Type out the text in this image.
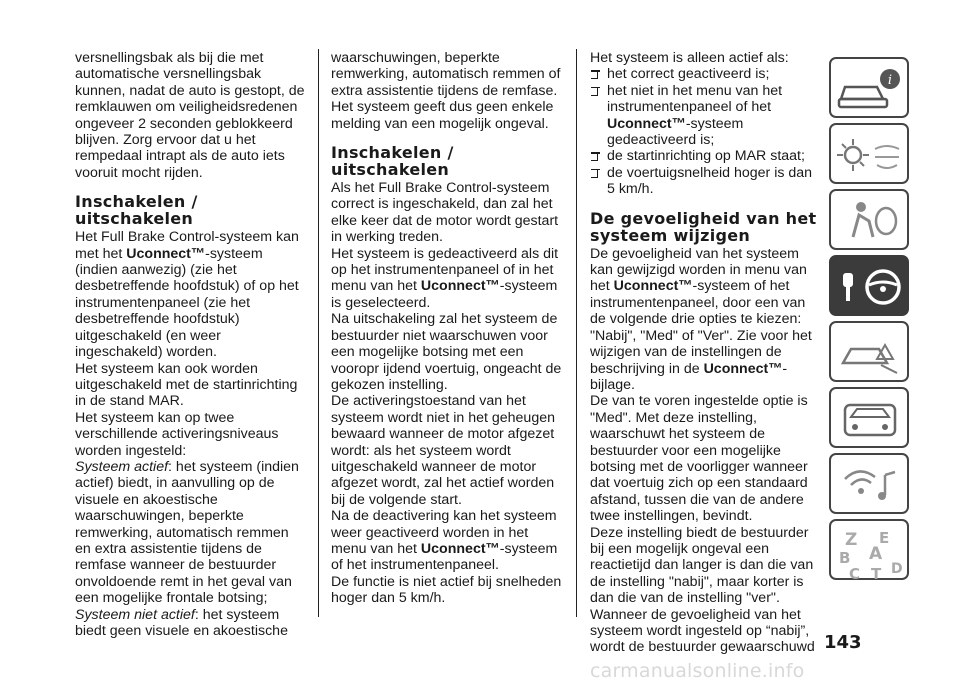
versnellingsbak als bij die met automatische versnellingsbak kunnen, nadat de auto is gestopt, de remklauwen om veiligheidsredenen ongeveer 2 seconden geblokkeerd blijven. Zorg ervoor dat u het rempedaal intrapt als de auto iets vooruit mocht rijden.

Inschakelen / uitschakelen

Het Full Brake Control-systeem kan met het Uconnect™-systeem (indien aanwezig) (zie het desbetreffende hoofdstuk) of op het instrumentenpaneel (zie het desbetreffende hoofdstuk) uitgeschakeld (en weer ingeschakeld) worden.

Het systeem kan ook worden uitgeschakeld met de startinrichting in de stand MAR.

Het systeem kan op twee verschillende activeringsniveaus worden ingesteld:

Systeem actief: het systeem (indien actief) biedt, in aanvulling op de visuele en akoestische waarschuwingen, beperkte remwerking, automatisch remmen en extra assistentie tijdens de remfase wanneer de bestuurder onvoldoende remt in het geval van een mogelijke frontale botsing;

Systeem niet actief: het systeem biedt geen visuele en akoestische

waarschuwingen, beperkte remwerking, automatisch remmen of extra assistentie tijdens de remfase. Het systeem geeft dus geen enkele melding van een mogelijk ongeval.

Inschakelen / uitschakelen

Als het Full Brake Control-systeem correct is ingeschakeld, dan zal het elke keer dat de motor wordt gestart in werking treden.

Het systeem is gedeactiveerd als dit op het instrumentenpaneel of in het menu van het Uconnect™-systeem is geselecteerd.

Na uitschakeling zal het systeem de bestuurder niet waarschuwen voor een mogelijke botsing met een vooropr ijdend voertuig, ongeacht de gekozen instelling.

De activeringstoestand van het systeem wordt niet in het geheugen bewaard wanneer de motor afgezet wordt: als het systeem wordt uitgeschakeld wanneer de motor afgezet wordt, zal het actief worden bij de volgende start.

Na de deactivering kan het systeem weer geactiveerd worden in het menu van het Uconnect™-systeem of het instrumentenpaneel.

De functie is niet actief bij snelheden hoger dan 5 km/h.

Het systeem is alleen actief als:

het correct geactiveerd is;
het niet in het menu van het instrumentenpaneel of het Uconnect™-systeem gedeactiveerd is;
de startinrichting op MAR staat;
de voertuigsnelheid hoger is dan 5 km/h.
De gevoeligheid van het systeem wijzigen

De gevoeligheid van het systeem kan gewijzigd worden in menu van het Uconnect™-systeem of het instrumentenpaneel, door een van de volgende drie opties te kiezen: "Nabij", "Med" of "Ver". Zie voor het wijzigen van de instellingen de beschrijving in de Uconnect™-bijlage.

De van te voren ingestelde optie is "Med". Met deze instelling, waarschuwt het systeem de bestuurder voor een mogelijke botsing met de voorligger wanneer dat voertuig zich op een standaard afstand, tussen die van de andere twee instellingen, bevindt.

Deze instelling biedt de bestuurder bij een mogelijk ongeval een reactietijd dan langer is dan die van de instelling "nabij", maar korter is dan die van de instelling "ver".

Wanneer de gevoeligheid van het systeem wordt ingesteld op “nabij”, wordt de bestuurder gewaarschuwd

i
Z E
A
B
D
C T
143
carmanualsonline.info
